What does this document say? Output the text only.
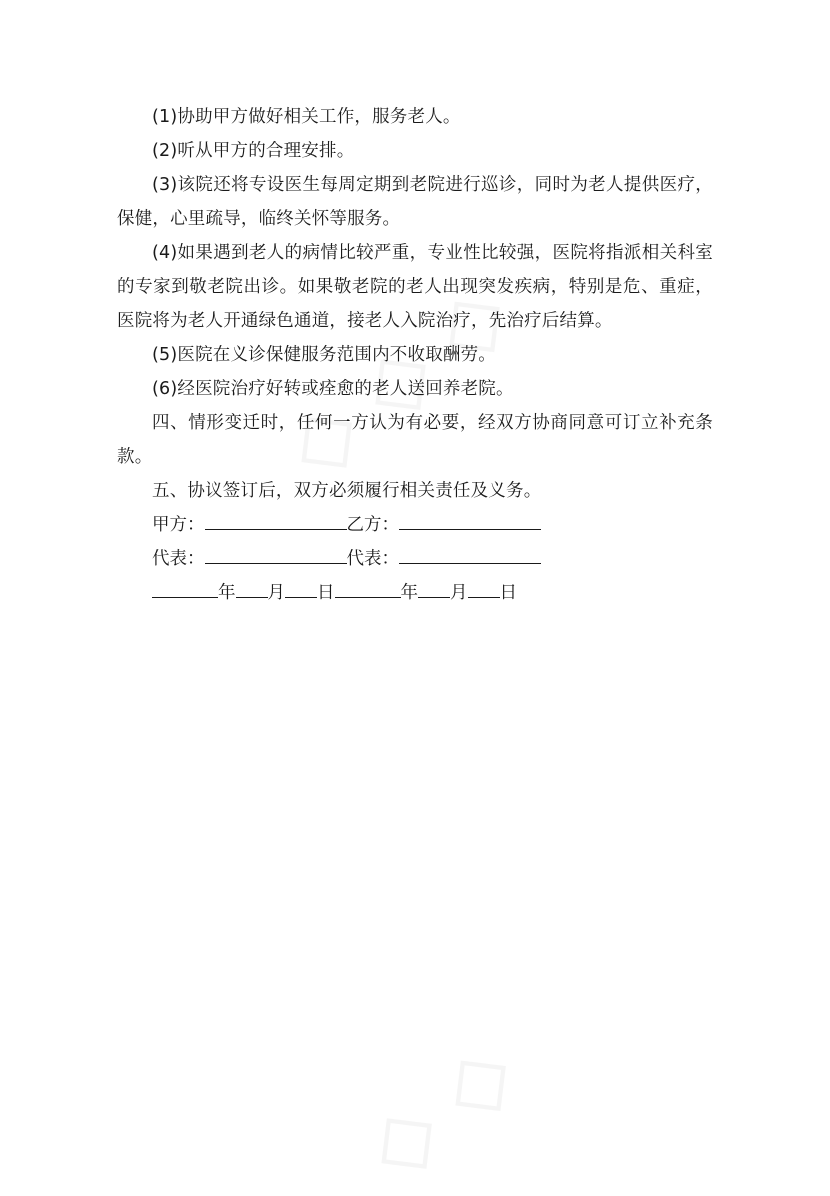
(1)协助甲方做好相关工作，服务老人。

(2)听从甲方的合理安排。

(3)该院还将专设医生每周定期到老院进行巡诊，同时为老人提供医疗，保健，心里疏导，临终关怀等服务。

(4)如果遇到老人的病情比较严重，专业性比较强，医院将指派相关科室的专家到敬老院出诊。如果敬老院的老人出现突发疾病，特别是危、重症，医院将为老人开通绿色通道，接老人入院治疗，先治疗后结算。

(5)医院在义诊保健服务范围内不收取酬劳。

(6)经医院治疗好转或痊愈的老人送回养老院。

四、情形变迁时，任何一方认为有必要，经双方协商同意可订立补充条款。

五、协议签订后，双方必须履行相关责任及义务。

甲方：	乙方：

代表：	代表：

年 月 日	年 月 日
